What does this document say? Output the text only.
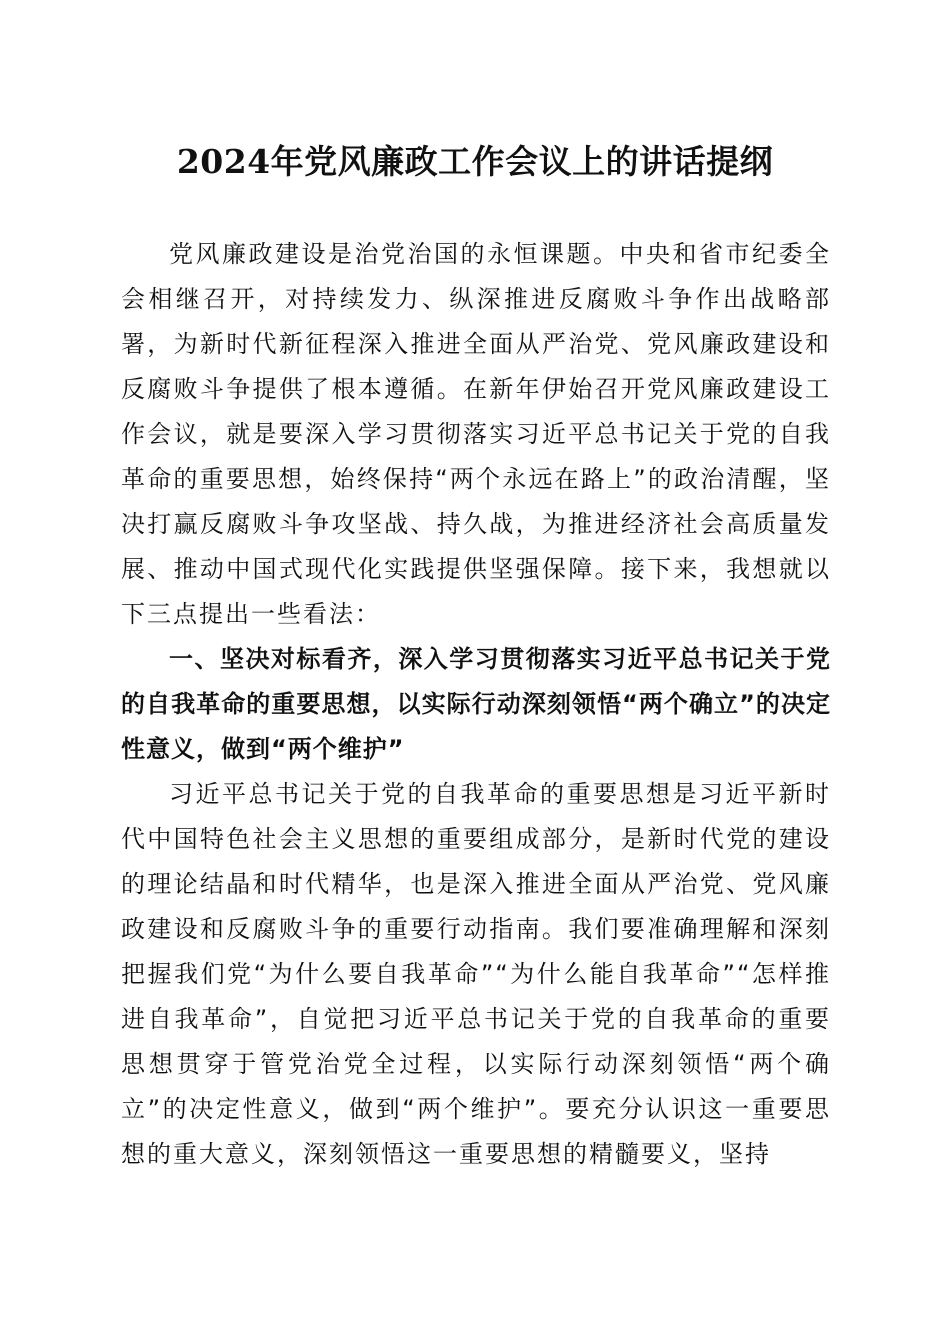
2024年党风廉政工作会议上的讲话提纲

党风廉政建设是治党治国的永恒课题。中央和省市纪委全会相继召开，对持续发力、纵深推进反腐败斗争作出战略部署，为新时代新征程深入推进全面从严治党、党风廉政建设和反腐败斗争提供了根本遵循。在新年伊始召开党风廉政建设工作会议，就是要深入学习贯彻落实习近平总书记关于党的自我革命的重要思想，始终保持“两个永远在路上”的政治清醒，坚决打赢反腐败斗争攻坚战、持久战，为推进经济社会高质量发展、推动中国式现代化实践提供坚强保障。接下来，我想就以下三点提出一些看法：

一、坚决对标看齐，深入学习贯彻落实习近平总书记关于党的自我革命的重要思想，以实际行动深刻领悟“两个确立”的决定性意义，做到“两个维护”

习近平总书记关于党的自我革命的重要思想是习近平新时代中国特色社会主义思想的重要组成部分，是新时代党的建设的理论结晶和时代精华，也是深入推进全面从严治党、党风廉政建设和反腐败斗争的重要行动指南。我们要准确理解和深刻把握我们党“为什么要自我革命”“为什么能自我革命”“怎样推进自我革命”，自觉把习近平总书记关于党的自我革命的重要思想贯穿于管党治党全过程，以实际行动深刻领悟“两个确立”的决定性意义，做到“两个维护”。要充分认识这一重要思想的重大意义，深刻领悟这一重要思想的精髓要义，坚持
